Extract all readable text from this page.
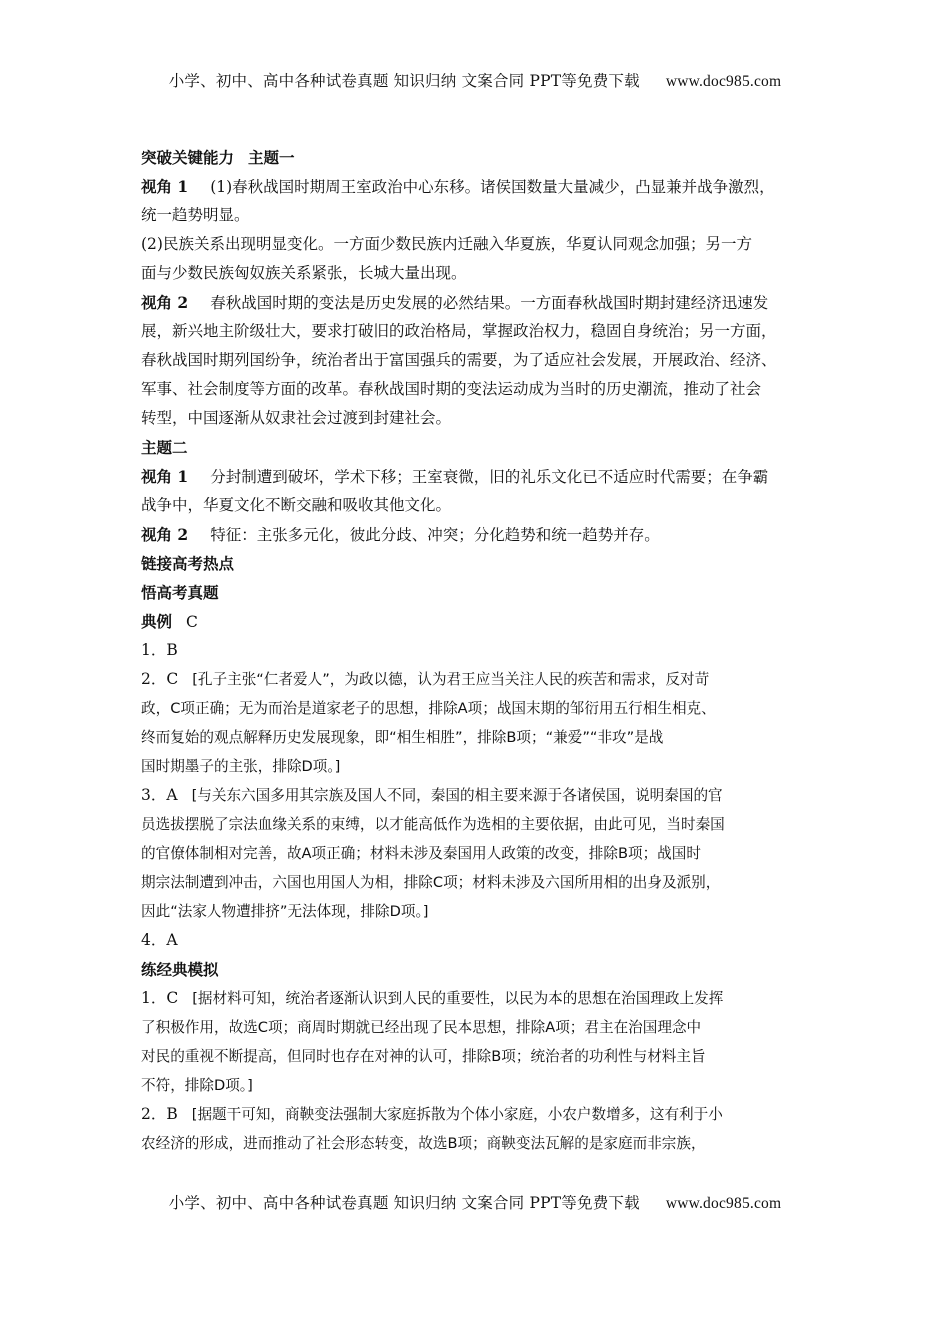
小学、初中、高中各种试卷真题 知识归纳 文案合同 PPT等免费下载 www.doc985.com
突破关键能力 主题一
视角 1 (1)春秋战国时期周王室政治中心东移。诸侯国数量大量减少，凸显兼并战争激烈，
统一趋势明显。
(2)民族关系出现明显变化。一方面少数民族内迁融入华夏族，华夏认同观念加强；另一方
面与少数民族匈奴族关系紧张，长城大量出现。
视角 2 春秋战国时期的变法是历史发展的必然结果。一方面春秋战国时期封建经济迅速发
展，新兴地主阶级壮大，要求打破旧的政治格局，掌握政治权力，稳固自身统治；另一方面，
春秋战国时期列国纷争，统治者出于富国强兵的需要，为了适应社会发展，开展政治、经济、
军事、社会制度等方面的改革。春秋战国时期的变法运动成为当时的历史潮流，推动了社会
转型，中国逐渐从奴隶社会过渡到封建社会。
主题二
视角 1 分封制遭到破坏，学术下移；王室衰微，旧的礼乐文化已不适应时代需要；在争霸
战争中，华夏文化不断交融和吸收其他文化。
视角 2 特征：主张多元化，彼此分歧、冲突；分化趋势和统一趋势并存。
链接高考热点
悟高考真题
典例 C
1．B
2．C [孔子主张“仁者爱人”，为政以德，认为君王应当关注人民的疾苦和需求，反对苛
政，C项正确；无为而治是道家老子的思想，排除A项；战国末期的邹衍用五行相生相克、
终而复始的观点解释历史发展现象，即“相生相胜”，排除B项；“兼爱”“非攻”是战
国时期墨子的主张，排除D项。]
3．A [与关东六国多用其宗族及国人不同，秦国的相主要来源于各诸侯国，说明秦国的官
员选拔摆脱了宗法血缘关系的束缚，以才能高低作为选相的主要依据，由此可见，当时秦国
的官僚体制相对完善，故A项正确；材料未涉及秦国用人政策的改变，排除B项；战国时
期宗法制遭到冲击，六国也用国人为相，排除C项；材料未涉及六国所用相的出身及派别，
因此“法家人物遭排挤”无法体现，排除D项。]
4．A
练经典模拟
1．C [据材料可知，统治者逐渐认识到人民的重要性，以民为本的思想在治国理政上发挥
了积极作用，故选C项；商周时期就已经出现了民本思想，排除A项；君主在治国理念中
对民的重视不断提高，但同时也存在对神的认可，排除B项；统治者的功利性与材料主旨
不符，排除D项。]
2．B [据题干可知，商鞅变法强制大家庭拆散为个体小家庭，小农户数增多，这有利于小
农经济的形成，进而推动了社会形态转变，故选B项；商鞅变法瓦解的是家庭而非宗族，
小学、初中、高中各种试卷真题 知识归纳 文案合同 PPT等免费下载 www.doc985.com
